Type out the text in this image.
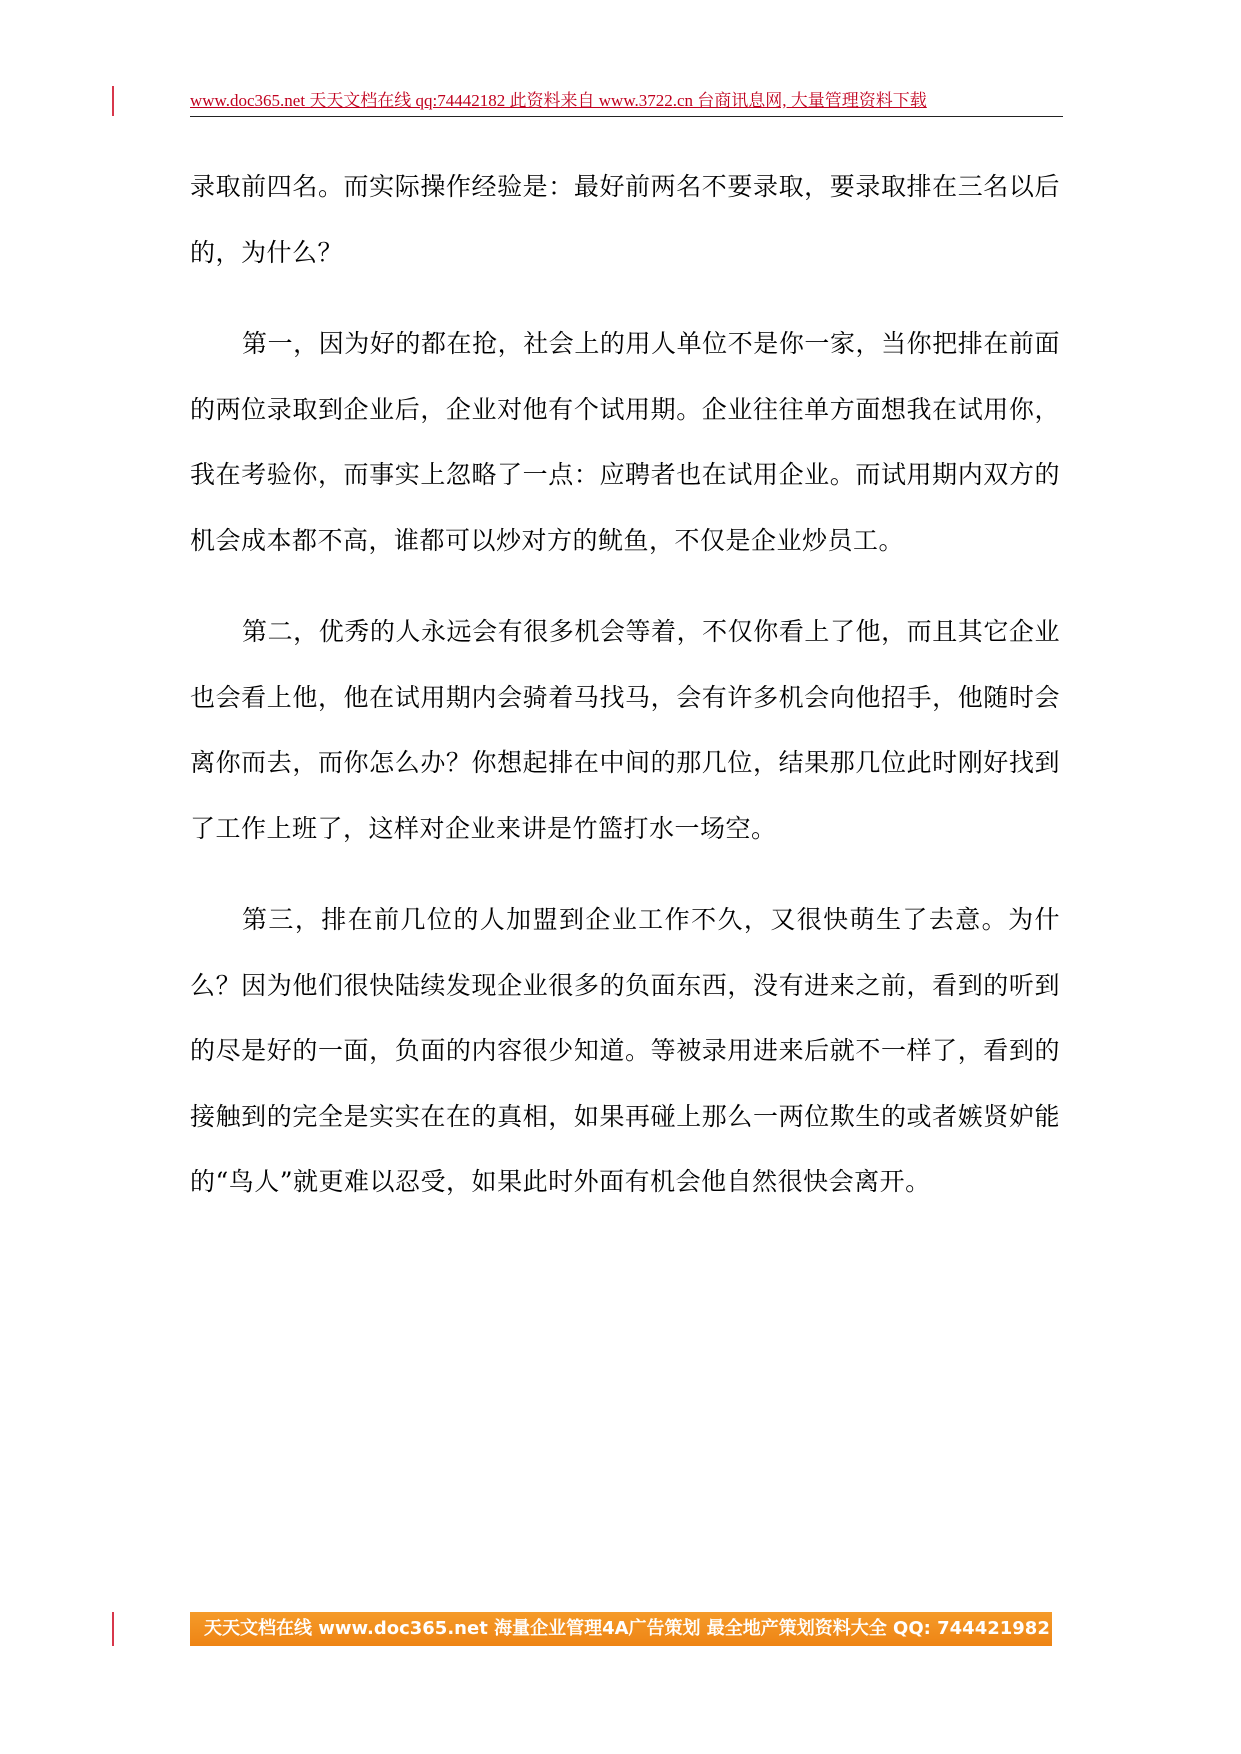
www.doc365.net 天天文档在线 qq:74442182 此资料来自 www.3722.cn 台商讯息网, 大量管理资料下载

录取前四名。而实际操作经验是：最好前两名不要录取，要录取排在三名以后的，为什么？

第一，因为好的都在抢，社会上的用人单位不是你一家，当你把排在前面的两位录取到企业后，企业对他有个试用期。企业往往单方面想我在试用你，我在考验你，而事实上忽略了一点：应聘者也在试用企业。而试用期内双方的机会成本都不高，谁都可以炒对方的鱿鱼，不仅是企业炒员工。

第二，优秀的人永远会有很多机会等着，不仅你看上了他，而且其它企业也会看上他，他在试用期内会骑着马找马，会有许多机会向他招手，他随时会离你而去，而你怎么办？你想起排在中间的那几位，结果那几位此时刚好找到了工作上班了，这样对企业来讲是竹篮打水一场空。

第三，排在前几位的人加盟到企业工作不久，又很快萌生了去意。为什么？因为他们很快陆续发现企业很多的负面东西，没有进来之前，看到的听到的尽是好的一面，负面的内容很少知道。等被录用进来后就不一样了，看到的接触到的完全是实实在在的真相，如果再碰上那么一两位欺生的或者嫉贤妒能的“鸟人”就更难以忍受，如果此时外面有机会他自然很快会离开。

天天文档在线 www.doc365.net 海量企业管理4A广告策划 最全地产策划资料大全 QQ: 744421982
